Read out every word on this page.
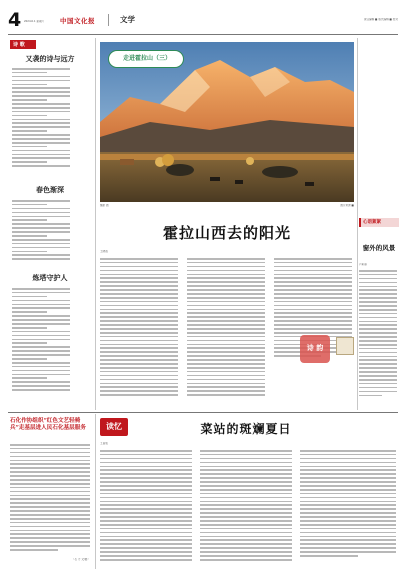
4 2024.6.1 星期六	中国文化报	文学	责任编辑 ■ 版式编辑 ■ 校对
诗 歌
又袭的诗与远方
春色渐深
炼塔守护人
走进霍拉山（三）
摄影 图	图片来源 ■
霍拉山西去的阳光
王晓燕
诗 韵
心语絮絮
窗外的风景
卢彩丽
石化作协组织“红色文艺轻骑兵”走基层进人民石化基层服务
（石 力 文/图）
读忆	菜站的斑斓夏日
王昌成
